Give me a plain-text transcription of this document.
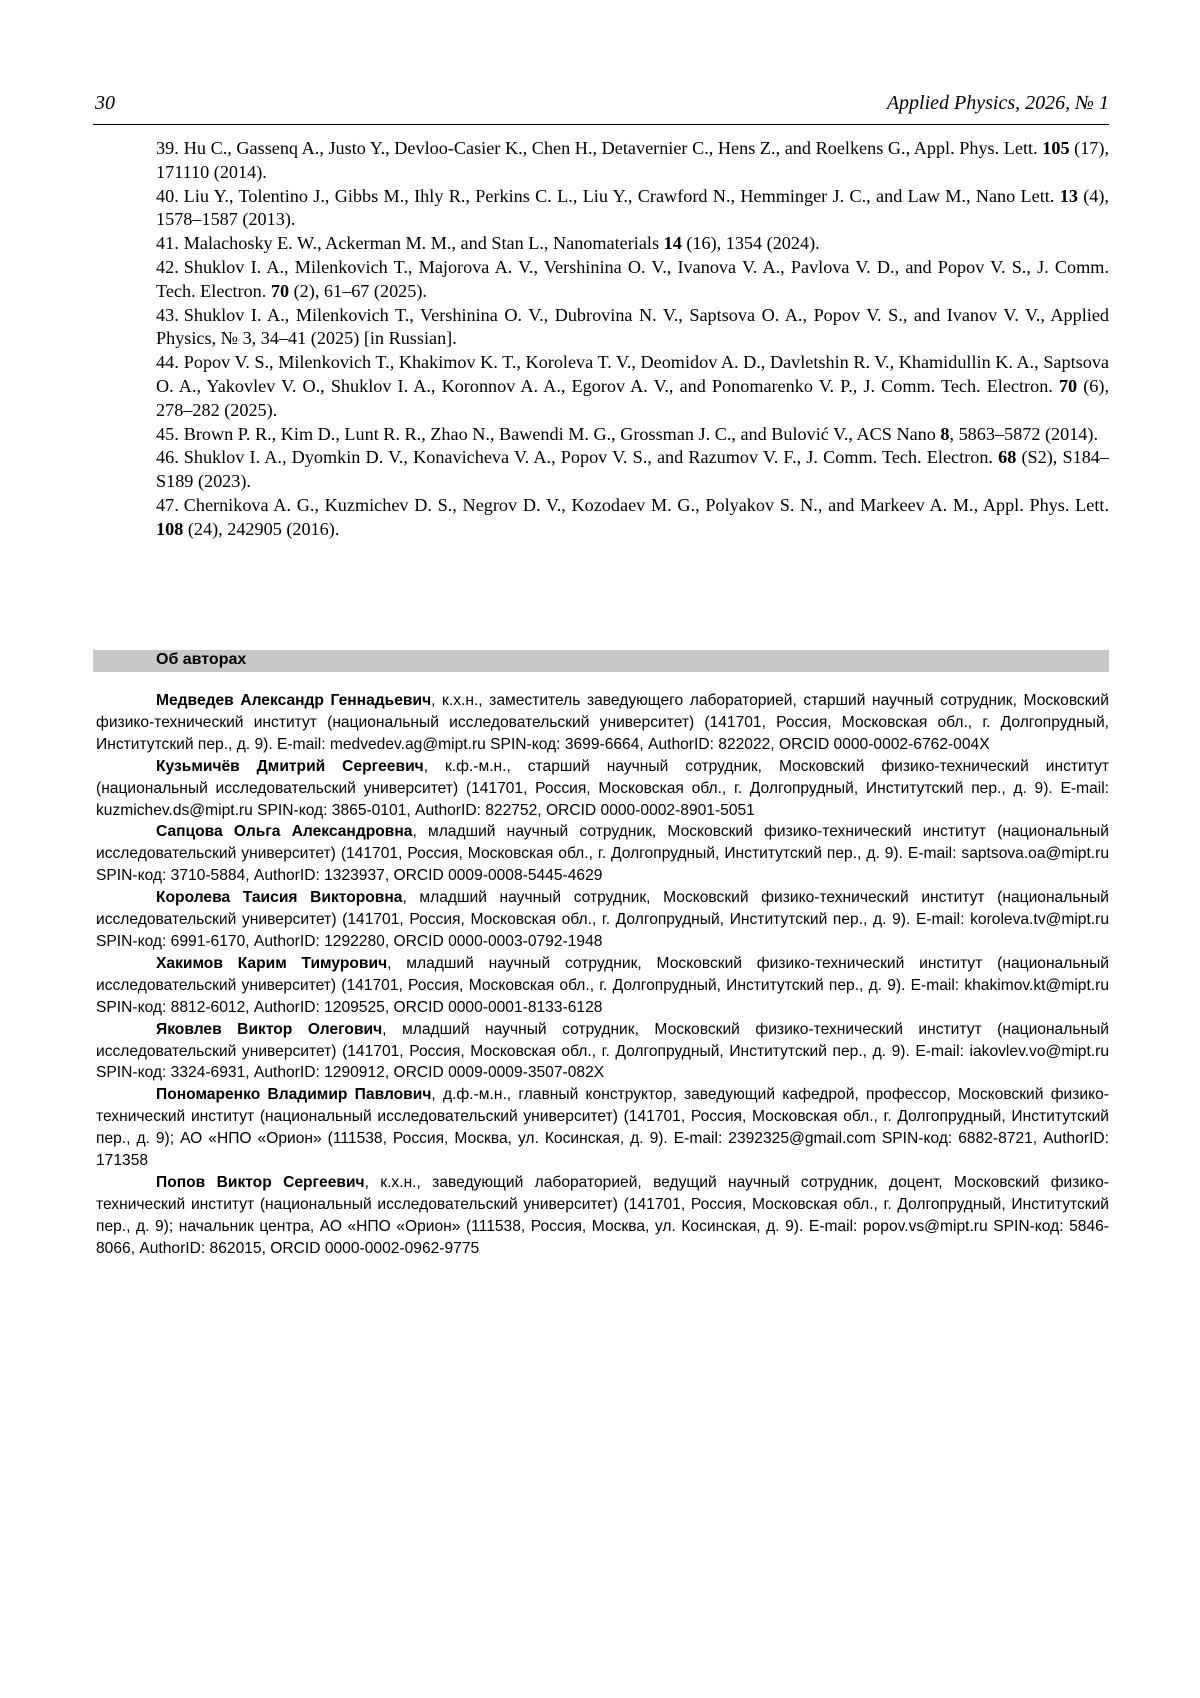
30	Applied Physics, 2026, № 1

39. Hu C., Gassenq A., Justo Y., Devloo-Casier K., Chen H., Detavernier C., Hens Z., and Roelkens G., Appl. Phys. Lett. 105 (17), 171110 (2014).

40. Liu Y., Tolentino J., Gibbs M., Ihly R., Perkins C. L., Liu Y., Crawford N., Hemminger J. C., and Law M., Nano Lett. 13 (4), 1578–1587 (2013).

41. Malachosky E. W., Ackerman M. M., and Stan L., Nanomaterials 14 (16), 1354 (2024).

42. Shuklov I. A., Milenkovich T., Majorova A. V., Vershinina O. V., Ivanova V. A., Pavlova V. D., and Popov V. S., J. Comm. Tech. Electron. 70 (2), 61–67 (2025).

43. Shuklov I. A., Milenkovich T., Vershinina O. V., Dubrovina N. V., Saptsova O. A., Popov V. S., and Ivanov V. V., Applied Physics, № 3, 34–41 (2025) [in Russian].

44. Popov V. S., Milenkovich T., Khakimov K. T., Koroleva T. V., Deomidov A. D., Davletshin R. V., Khamidullin K. A., Saptsova O. A., Yakovlev V. O., Shuklov I. A., Koronnov A. A., Egorov A. V., and Ponomarenko V. P., J. Comm. Tech. Electron. 70 (6), 278–282 (2025).

45. Brown P. R., Kim D., Lunt R. R., Zhao N., Bawendi M. G., Grossman J. C., and Bulović V., ACS Nano 8, 5863–5872 (2014).

46. Shuklov I. A., Dyomkin D. V., Konavicheva V. A., Popov V. S., and Razumov V. F., J. Comm. Tech. Electron. 68 (S2), S184–S189 (2023).

47. Chernikova A. G., Kuzmichev D. S., Negrov D. V., Kozodaev M. G., Polyakov S. N., and Markeev A. M., Appl. Phys. Lett. 108 (24), 242905 (2016).

Об авторах

Медведев Александр Геннадьевич, к.х.н., заместитель заведующего лабораторией, старший научный сотрудник, Московский физико-технический институт (национальный исследовательский университет) (141701, Россия, Московская обл., г. Долгопрудный, Институтский пер., д. 9). E-mail: medvedev.ag@mipt.ru SPIN-код: 3699-6664, AuthorID: 822022, ORCID 0000-0002-6762-004X

Кузьмичёв Дмитрий Сергеевич, к.ф.-м.н., старший научный сотрудник, Московский физико-технический институт (национальный исследовательский университет) (141701, Россия, Московская обл., г. Долгопрудный, Институтский пер., д. 9). E-mail: kuzmichev.ds@mipt.ru SPIN-код: 3865-0101, AuthorID: 822752, ORCID 0000-0002-8901-5051

Сапцова Ольга Александровна, младший научный сотрудник, Московский физико-технический институт (национальный исследовательский университет) (141701, Россия, Московская обл., г. Долгопрудный, Институтский пер., д. 9). E-mail: saptsova.oa@mipt.ru SPIN-код: 3710-5884, AuthorID: 1323937, ORCID 0009-0008-5445-4629

Королева Таисия Викторовна, младший научный сотрудник, Московский физико-технический институт (национальный исследовательский университет) (141701, Россия, Московская обл., г. Долгопрудный, Институтский пер., д. 9). E-mail: koroleva.tv@mipt.ru SPIN-код: 6991-6170, AuthorID: 1292280, ORCID 0000-0003-0792-1948

Хакимов Карим Тимурович, младший научный сотрудник, Московский физико-технический институт (национальный исследовательский университет) (141701, Россия, Московская обл., г. Долгопрудный, Институтский пер., д. 9). E-mail: khakimov.kt@mipt.ru SPIN-код: 8812-6012, AuthorID: 1209525, ORCID 0000-0001-8133-6128

Яковлев Виктор Олегович, младший научный сотрудник, Московский физико-технический институт (национальный исследовательский университет) (141701, Россия, Московская обл., г. Долгопрудный, Институтский пер., д. 9). E-mail: iakovlev.vo@mipt.ru SPIN-код: 3324-6931, AuthorID: 1290912, ORCID 0009-0009-3507-082X

Пономаренко Владимир Павлович, д.ф.-м.н., главный конструктор, заведующий кафедрой, профессор, Московский физико-технический институт (национальный исследовательский университет) (141701, Россия, Московская обл., г. Долгопрудный, Институтский пер., д. 9); АО «НПО «Орион» (111538, Россия, Москва, ул. Косинская, д. 9). E-mail: 2392325@gmail.com SPIN-код: 6882-8721, AuthorID: 171358

Попов Виктор Сергеевич, к.х.н., заведующий лабораторией, ведущий научный сотрудник, доцент, Московский физико-технический институт (национальный исследовательский университет) (141701, Россия, Московская обл., г. Долгопрудный, Институтский пер., д. 9); начальник центра, АО «НПО «Орион» (111538, Россия, Москва, ул. Косинская, д. 9). E-mail: popov.vs@mipt.ru SPIN-код: 5846-8066, AuthorID: 862015, ORCID 0000-0002-0962-9775
